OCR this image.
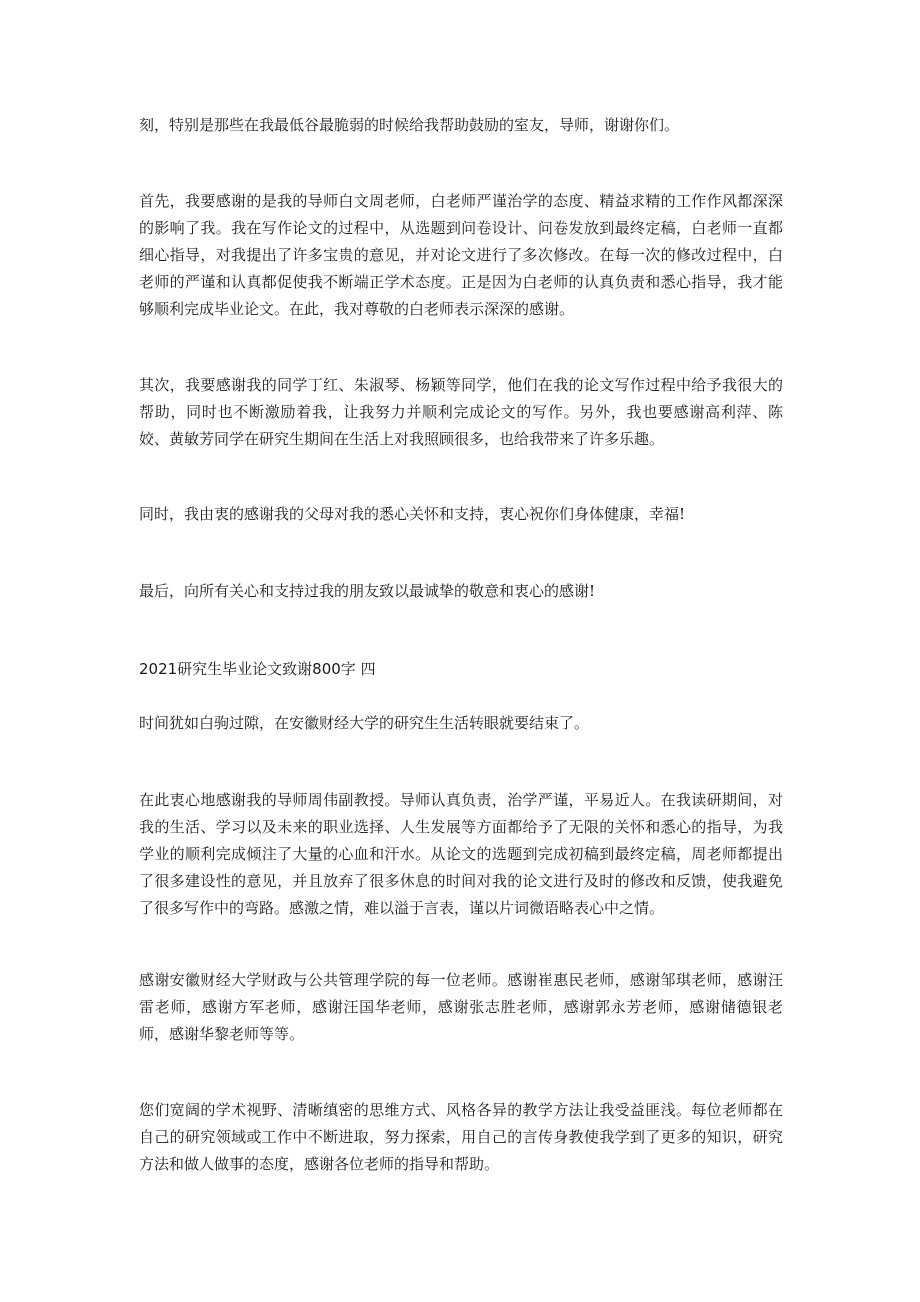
刻，特别是那些在我最低谷最脆弱的时候给我帮助鼓励的室友，导师，谢谢你们。

首先，我要感谢的是我的导师白文周老师，白老师严谨治学的态度、精益求精的工作作风都深深的影响了我。我在写作论文的过程中，从选题到问卷设计、问卷发放到最终定稿，白老师一直都细心指导，对我提出了许多宝贵的意见，并对论文进行了多次修改。在每一次的修改过程中，白老师的严谨和认真都促使我不断端正学术态度。正是因为白老师的认真负责和悉心指导，我才能够顺利完成毕业论文。在此，我对尊敬的白老师表示深深的感谢。

其次，我要感谢我的同学丁红、朱淑琴、杨颖等同学，他们在我的论文写作过程中给予我很大的帮助，同时也不断激励着我，让我努力并顺利完成论文的写作。另外，我也要感谢高利萍、陈姣、黄敏芳同学在研究生期间在生活上对我照顾很多，也给我带来了许多乐趣。

同时，我由衷的感谢我的父母对我的悉心关怀和支持，衷心祝你们身体健康，幸福!

最后，向所有关心和支持过我的朋友致以最诚挚的敬意和衷心的感谢!

2021研究生毕业论文致谢800字 四

时间犹如白驹过隙，在安徽财经大学的研究生生活转眼就要结束了。

在此衷心地感谢我的导师周伟副教授。导师认真负责，治学严谨，平易近人。在我读研期间，对我的生活、学习以及未来的职业选择、人生发展等方面都给予了无限的关怀和悉心的指导，为我学业的顺利完成倾注了大量的心血和汗水。从论文的选题到完成初稿到最终定稿，周老师都提出了很多建设性的意见，并且放弃了很多休息的时间对我的论文进行及时的修改和反馈，使我避免了很多写作中的弯路。感激之情，难以溢于言表，谨以片词微语略表心中之情。

感谢安徽财经大学财政与公共管理学院的每一位老师。感谢崔惠民老师，感谢邹琪老师，感谢汪雷老师，感谢方军老师，感谢汪国华老师，感谢张志胜老师，感谢郭永芳老师，感谢储德银老师，感谢华黎老师等等。

您们宽阔的学术视野、清晰缜密的思维方式、风格各异的教学方法让我受益匪浅。每位老师都在自己的研究领域或工作中不断进取，努力探索，用自己的言传身教使我学到了更多的知识，研究方法和做人做事的态度，感谢各位老师的指导和帮助。
